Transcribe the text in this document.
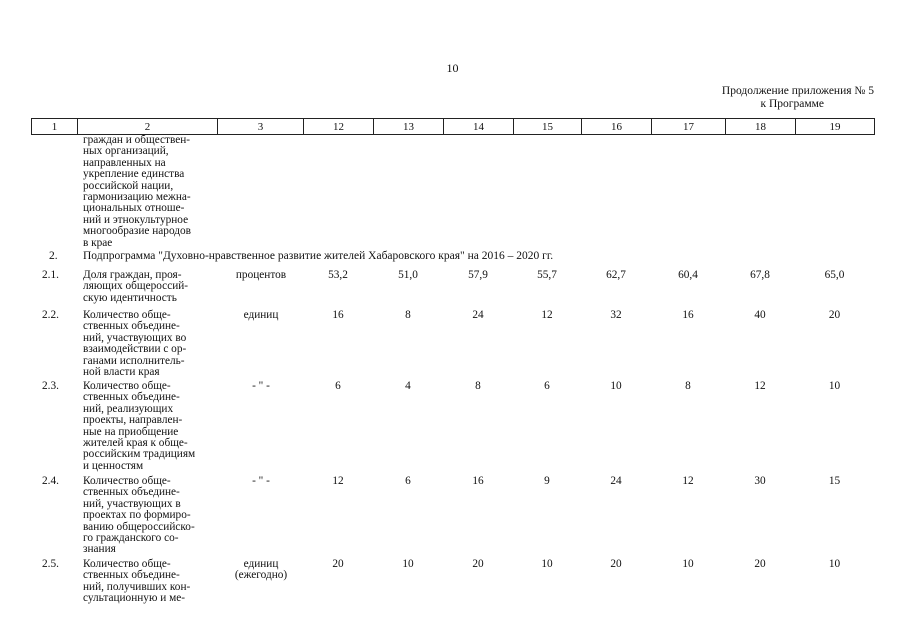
10
Продолжение приложения № 5
к Программе
1	2	3	12	13	14	15	16	17	18	19
граждан и обществен-
ных организаций,
направленных на
укрепление единства
российской нации,
гармонизацию межна-
циональных отноше-
ний и этнокультурное
многообразие народов
в крае
2. Подпрограмма "Духовно-нравственное развитие жителей Хабаровского края" на 2016 – 2020 гг.
2.1. Доля граждан, проя-
ляющих общероссий-
скую идентичность
процентов	53,2	51,0	57,9	55,7	62,7	60,4	67,8	65,0
2.2. Количество обще-
ственных объедине-
ний, участвующих во
взаимодействии с ор-
ганами исполнитель-
ной власти края
единиц	16	8	24	12	32	16	40	20
2.3. Количество обще-
ственных объедине-
ний, реализующих
проекты, направлен-
ные на приобщение
жителей края к обще-
российским традициям
и ценностям
- " -	6	4	8	6	10	8	12	10
2.4. Количество обще-
ственных объедине-
ний, участвующих в
проектах по формиро-
ванию общероссийско-
го гражданского со-
знания
- " -	12	6	16	9	24	12	30	15
2.5. Количество обще-
ственных объедине-
ний, получивших кон-
сультационную и ме-
единиц
(ежегодно)
20	10	20	10	20	10	20	10
